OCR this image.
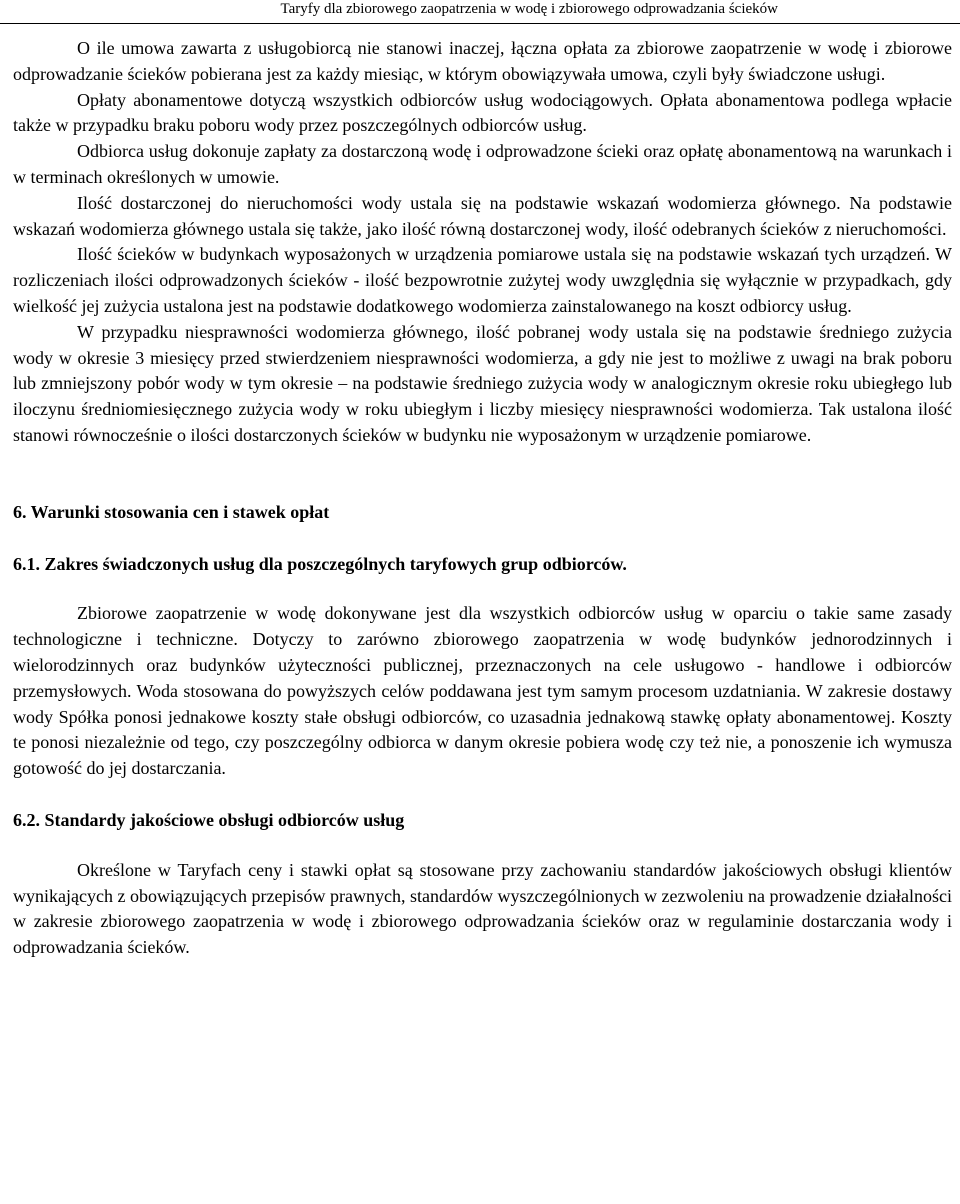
Taryfy dla zbiorowego zaopatrzenia w wodę i zbiorowego odprowadzania ścieków

O ile umowa zawarta z usługobiorcą nie stanowi inaczej, łączna opłata za zbiorowe zaopatrzenie w wodę i zbiorowe odprowadzanie ścieków pobierana jest za każdy miesiąc, w którym obowiązywała umowa, czyli były świadczone usługi.

Opłaty abonamentowe dotyczą wszystkich odbiorców usług wodociągowych. Opłata abonamentowa podlega wpłacie także w przypadku braku poboru wody przez poszczególnych odbiorców usług.

Odbiorca usług dokonuje zapłaty za dostarczoną wodę i odprowadzone ścieki oraz opłatę abonamentową na warunkach i w terminach określonych w umowie.

Ilość dostarczonej do nieruchomości wody ustala się na podstawie wskazań wodomierza głównego. Na podstawie wskazań wodomierza głównego ustala się także, jako ilość równą dostarczonej wody, ilość odebranych ścieków z nieruchomości.

Ilość ścieków w budynkach wyposażonych w urządzenia pomiarowe ustala się na podstawie wskazań tych urządzeń. W rozliczeniach ilości odprowadzonych ścieków - ilość bezpowrotnie zużytej wody uwzględnia się wyłącznie w przypadkach, gdy wielkość jej zużycia ustalona jest na podstawie dodatkowego wodomierza zainstalowanego na koszt odbiorcy usług.

W przypadku niesprawności wodomierza głównego, ilość pobranej wody ustala się na podstawie średniego zużycia wody w okresie 3 miesięcy przed stwierdzeniem niesprawności wodomierza, a gdy nie jest to możliwe z uwagi na brak poboru lub zmniejszony pobór wody w tym okresie – na podstawie średniego zużycia wody w analogicznym okresie roku ubiegłego lub iloczynu średniomiesięcznego zużycia wody w roku ubiegłym i liczby miesięcy niesprawności wodomierza. Tak ustalona ilość stanowi równocześnie o ilości dostarczonych ścieków w budynku nie wyposażonym w urządzenie pomiarowe.

6. Warunki stosowania cen i stawek opłat
6.1. Zakres świadczonych usług dla poszczególnych taryfowych grup odbiorców.

Zbiorowe zaopatrzenie w wodę dokonywane jest dla wszystkich odbiorców usług w oparciu o takie same zasady technologiczne i techniczne. Dotyczy to zarówno zbiorowego zaopatrzenia w wodę budynków jednorodzinnych i wielorodzinnych oraz budynków użyteczności publicznej, przeznaczonych na cele usługowo - handlowe i odbiorców przemysłowych. Woda stosowana do powyższych celów poddawana jest tym samym procesom uzdatniania. W zakresie dostawy wody Spółka ponosi jednakowe koszty stałe obsługi odbiorców, co uzasadnia jednakową stawkę opłaty abonamentowej. Koszty te ponosi niezależnie od tego, czy poszczególny odbiorca w danym okresie pobiera wodę czy też nie, a ponoszenie ich wymusza gotowość do jej dostarczania.

6.2. Standardy jakościowe obsługi odbiorców usług

Określone w Taryfach ceny i stawki opłat są stosowane przy zachowaniu standardów jakościowych obsługi klientów wynikających z obowiązujących przepisów prawnych, standardów wyszczególnionych w zezwoleniu na prowadzenie działalności w zakresie zbiorowego zaopatrzenia w wodę i zbiorowego odprowadzania ścieków oraz w regulaminie dostarczania wody i odprowadzania ścieków.
